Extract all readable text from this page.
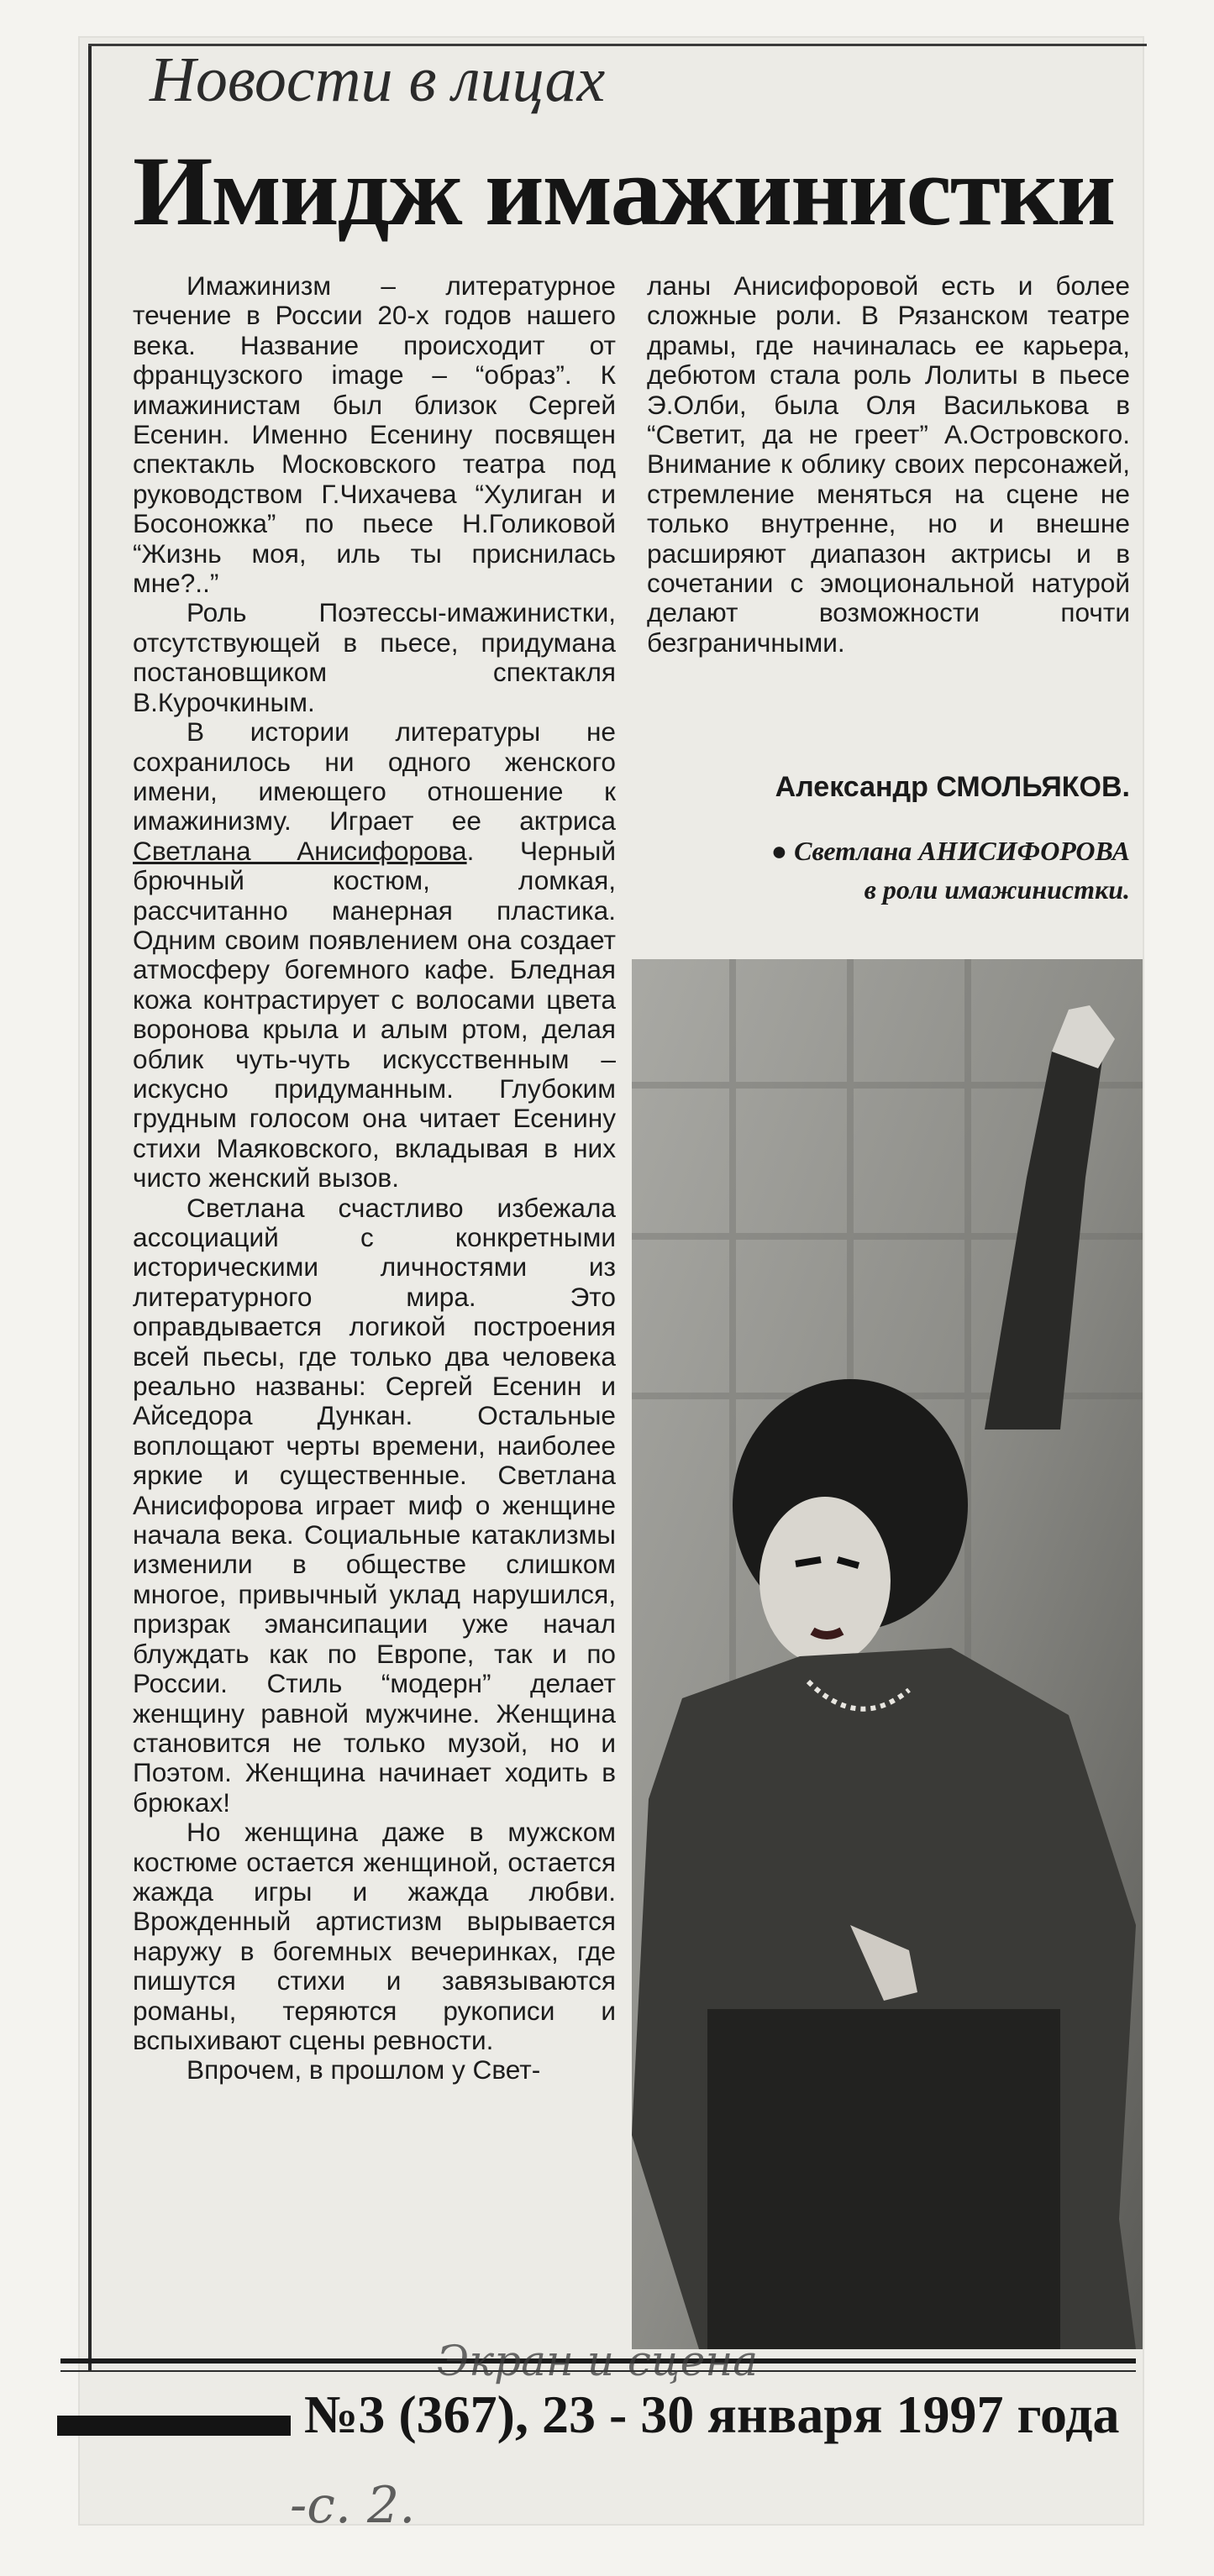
Новости в лицах
Имидж имажинистки

Имажинизм – литературное течение в России 20-х годов нашего века. Название происходит от французского image – “образ”. К имажинистам был близок Сергей Есенин. Именно Есенину посвящен спектакль Московского театра под руководством Г.Чихачева “Хулиган и Босоножка” по пьесе Н.Голиковой “Жизнь моя, иль ты приснилась мне?..”

Роль Поэтессы-имажинистки, отсутствующей в пьесе, придумана постановщиком спектакля В.Курочкиным.

В истории литературы не сохранилось ни одного женского имени, имеющего отношение к имажинизму. Играет ее актриса Светлана Анисифорова. Черный брючный костюм, ломкая, рассчитанно манерная пластика. Одним своим появлением она создает атмосферу богемного кафе. Бледная кожа контрастирует с волосами цвета воронова крыла и алым ртом, делая облик чуть-чуть искусственным – искусно придуманным. Глубоким грудным голосом она читает Есенину стихи Маяковского, вкладывая в них чисто женский вызов.

Светлана счастливо избежала ассоциаций с конкретными историческими личностями из литературного мира. Это оправдывается логикой построения всей пьесы, где только два человека реально названы: Сергей Есенин и Айседора Дункан. Остальные воплощают черты времени, наиболее яркие и существенные. Светлана Анисифорова играет миф о женщине начала века. Социальные катаклизмы изменили в обществе слишком многое, привычный уклад нарушился, призрак эмансипации уже начал блуждать как по Европе, так и по России. Стиль “модерн” делает женщину равной мужчине. Женщина становится не только музой, но и Поэтом. Женщина начинает ходить в брюках!

Но женщина даже в мужском костюме остается женщиной, остается жажда игры и жажда любви. Врожденный артистизм вырывается наружу в богемных вечеринках, где пишутся стихи и завязываются романы, теряются рукописи и вспыхивают сцены ревности.

Впрочем, в прошлом у Свет-

ланы Анисифоровой есть и более сложные роли. В Рязанском театре драмы, где начиналась ее карьера, дебютом стала роль Лолиты в пьесе Э.Олби, была Оля Василькова в “Светит, да не греет” А.Островского. Внимание к облику своих персонажей, стремление меняться на сцене не только внутренне, но и внешне расширяют диапазон актрисы и в сочетании с эмоциональной натурой делают возможности почти безграничными.

Александр СМОЛЬЯКОВ.
● Светлана АНИСИФОРОВА
в роли имажинистки.
Экран и сцена
№3 (367), 23 - 30 января 1997 года
-с. 2.
